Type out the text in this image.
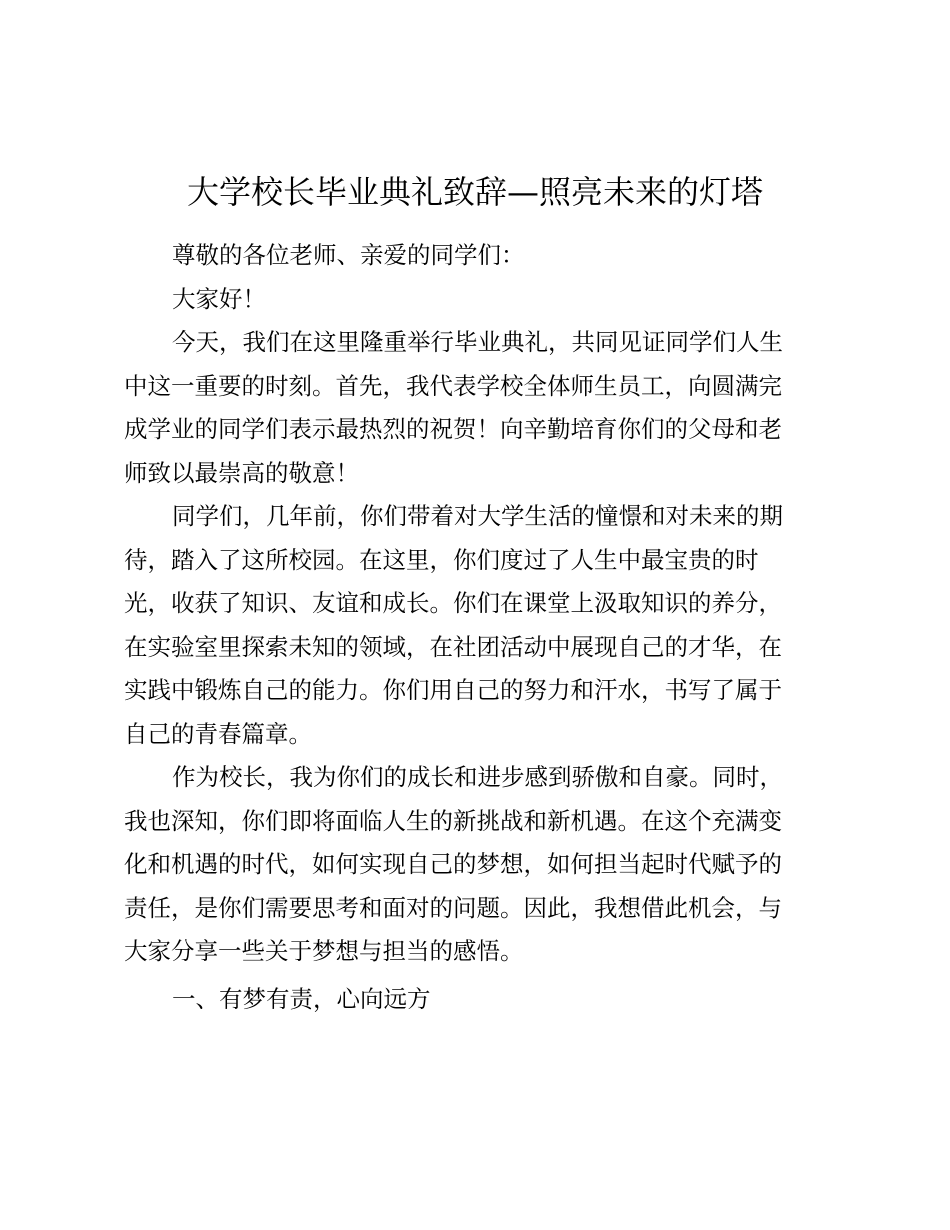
大学校长毕业典礼致辞—照亮未来的灯塔
尊敬的各位老师、亲爱的同学们：
大家好！
今天，我们在这里隆重举行毕业典礼，共同见证同学们人生
中这一重要的时刻。首先，我代表学校全体师生员工，向圆满完
成学业的同学们表示最热烈的祝贺！向辛勤培育你们的父母和老
师致以最崇高的敬意！
同学们，几年前，你们带着对大学生活的憧憬和对未来的期
待，踏入了这所校园。在这里，你们度过了人生中最宝贵的时
光，收获了知识、友谊和成长。你们在课堂上汲取知识的养分，
在实验室里探索未知的领域，在社团活动中展现自己的才华，在
实践中锻炼自己的能力。你们用自己的努力和汗水，书写了属于
自己的青春篇章。
作为校长，我为你们的成长和进步感到骄傲和自豪。同时，
我也深知，你们即将面临人生的新挑战和新机遇。在这个充满变
化和机遇的时代，如何实现自己的梦想，如何担当起时代赋予的
责任，是你们需要思考和面对的问题。因此，我想借此机会，与
大家分享一些关于梦想与担当的感悟。
一、有梦有责，心向远方
